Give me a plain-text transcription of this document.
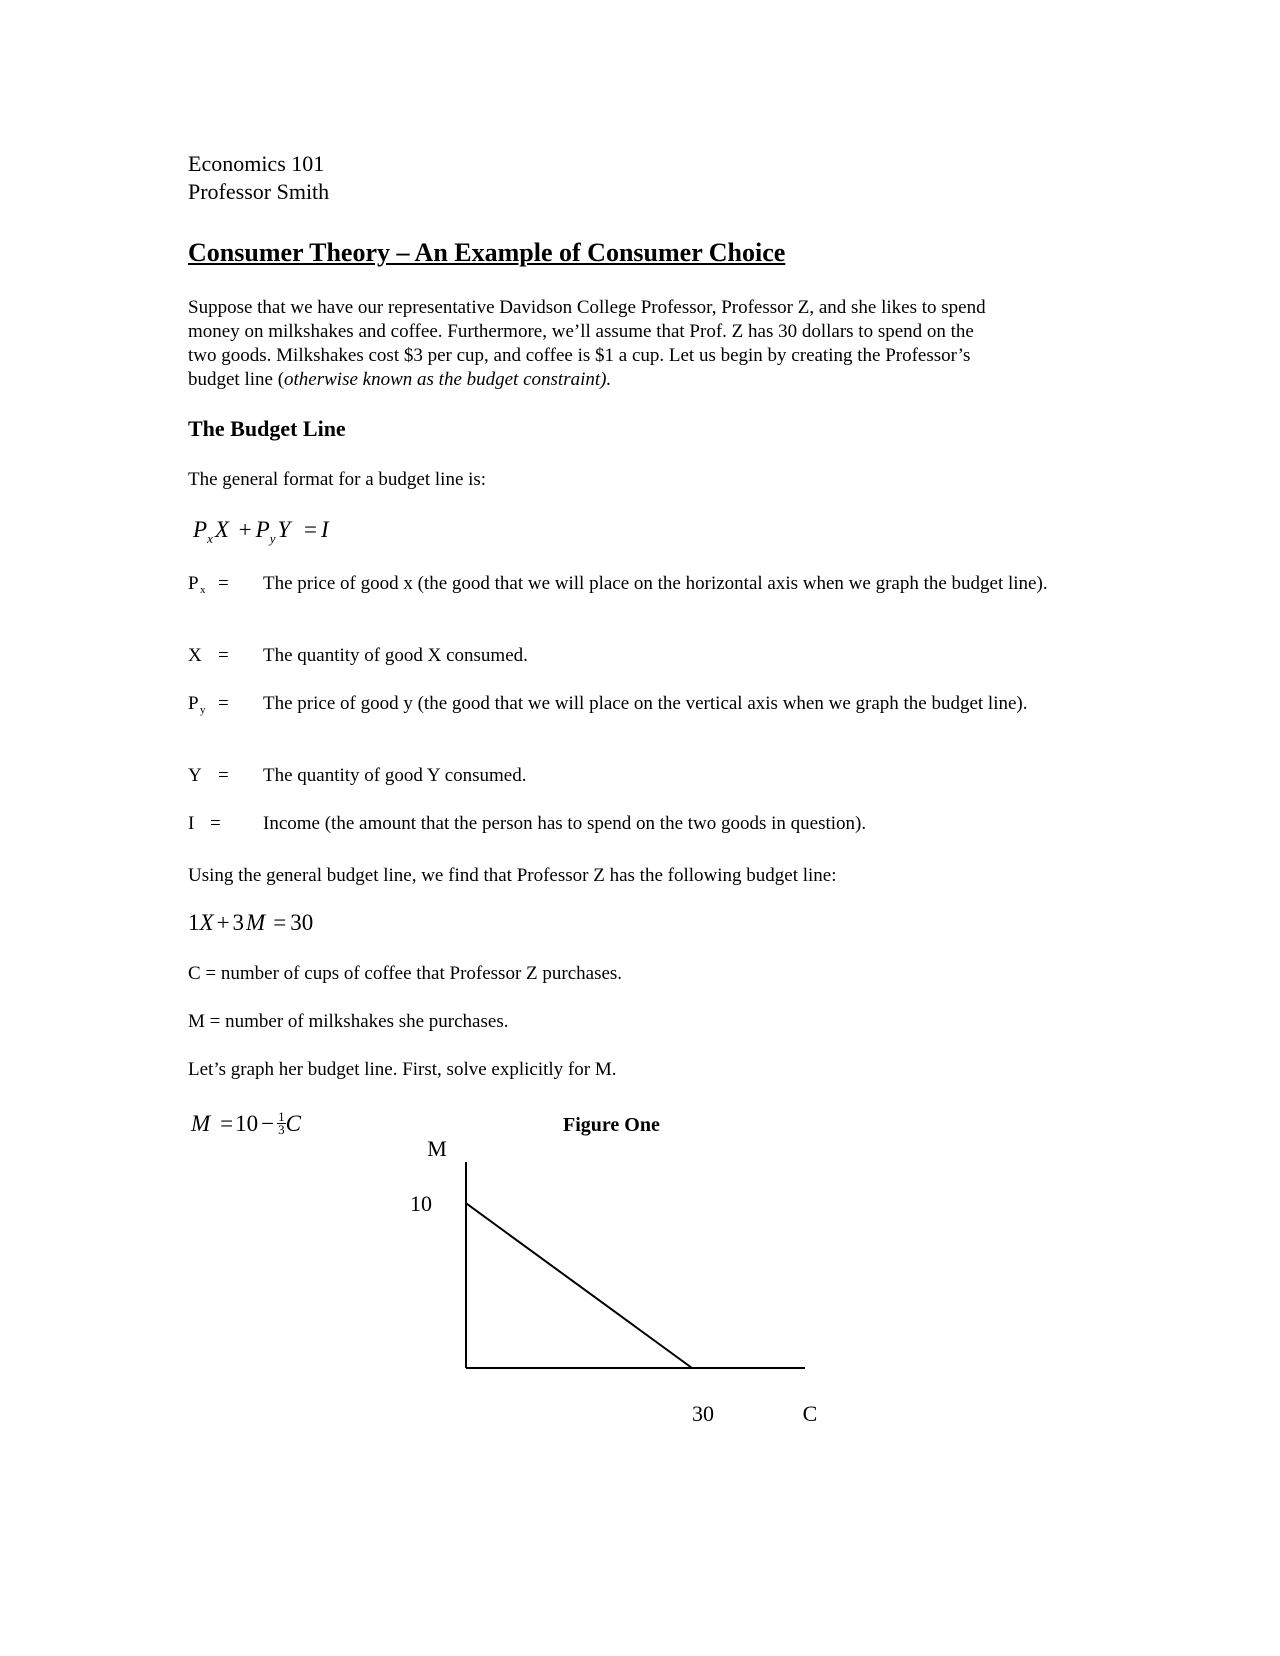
Economics 101
Professor Smith
Consumer Theory – An Example of Consumer Choice
Suppose that we have our representative Davidson College Professor, Professor Z, and she likes to spend
money on milkshakes and coffee. Furthermore, we’ll assume that Prof. Z has 30 dollars to spend on the
two goods. Milkshakes cost $3 per cup, and coffee is $1 a cup. Let us begin by creating the Professor’s
budget line (otherwise known as the budget constraint).
The Budget Line
The general format for a budget line is:
$P_xX + P_yY = I$
P x = The price of good x (the good that we will place on the horizontal axis when we graph the budget line).
X = The quantity of good X consumed.
P y = The price of good y (the good that we will place on the vertical axis when we graph the budget line).
Y = The quantity of good Y consumed.
I = Income (the amount that the person has to spend on the two goods in question).
Using the general budget line, we find that Professor Z has the following budget line:
1X + 3M = 30
C = number of cups of coffee that Professor Z purchases.
M = number of milkshakes she purchases.
Let’s graph her budget line. First, solve explicitly for M.
$M =10 - \frac{1}{3}$ C	Figure One
M
C
10
30
